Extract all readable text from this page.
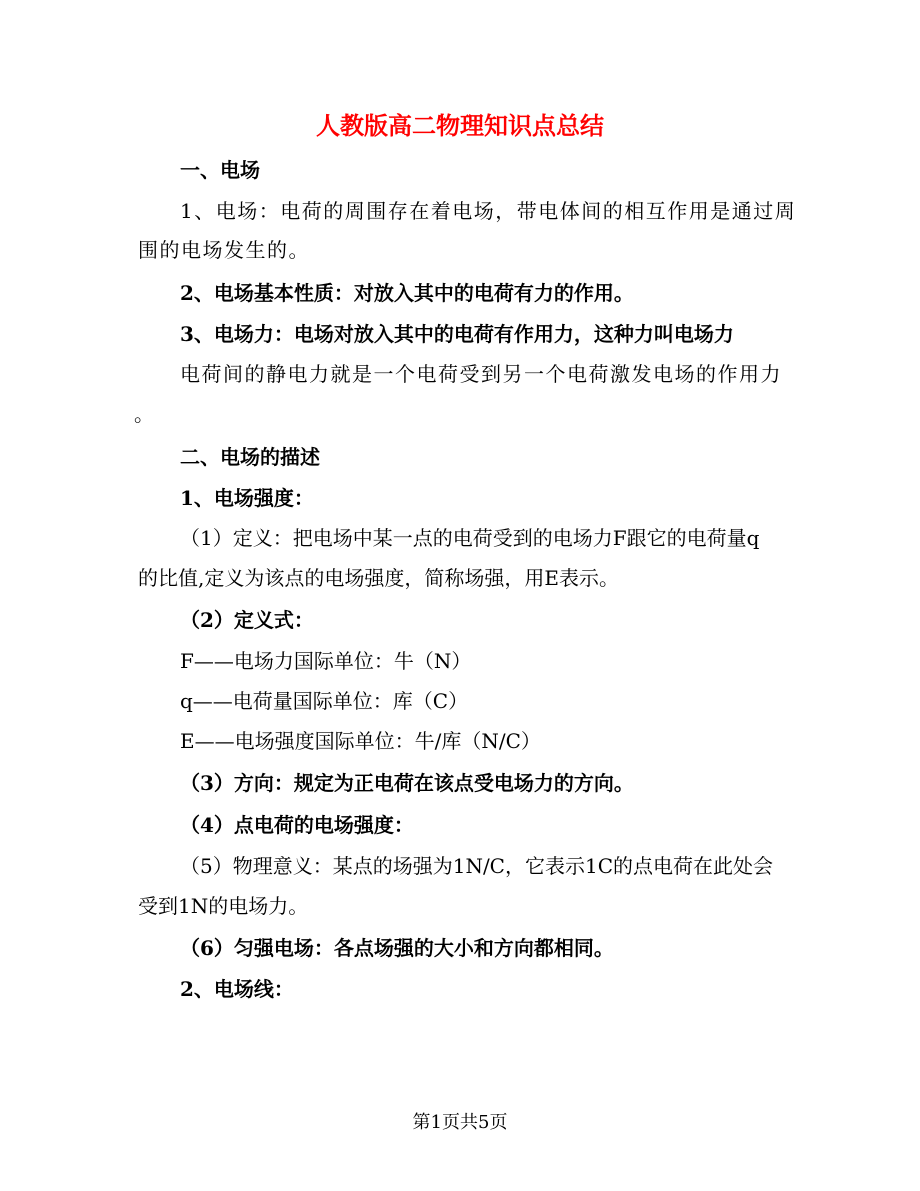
人教版高二物理知识点总结

一、电场

1、电场：电荷的周围存在着电场，带电体间的相互作用是通过周

围的电场发生的。

2、电场基本性质：对放入其中的电荷有力的作用。

3、电场力：电场对放入其中的电荷有作用力，这种力叫电场力

电荷间的静电力就是一个电荷受到另一个电荷激发电场的作用力

。

二、电场的描述

1、电场强度：

（1）定义：把电场中某一点的电荷受到的电场力F跟它的电荷量q

的比值,定义为该点的电场强度，简称场强，用E表示。

（2）定义式：

F——电场力国际单位：牛（N）

q——电荷量国际单位：库（C）

E——电场强度国际单位：牛/库（N/C）

（3）方向：规定为正电荷在该点受电场力的方向。

（4）点电荷的电场强度：

（5）物理意义：某点的场强为1N/C，它表示1C的点电荷在此处会

受到1N的电场力。

（6）匀强电场：各点场强的大小和方向都相同。

2、电场线：

第1页共5页
